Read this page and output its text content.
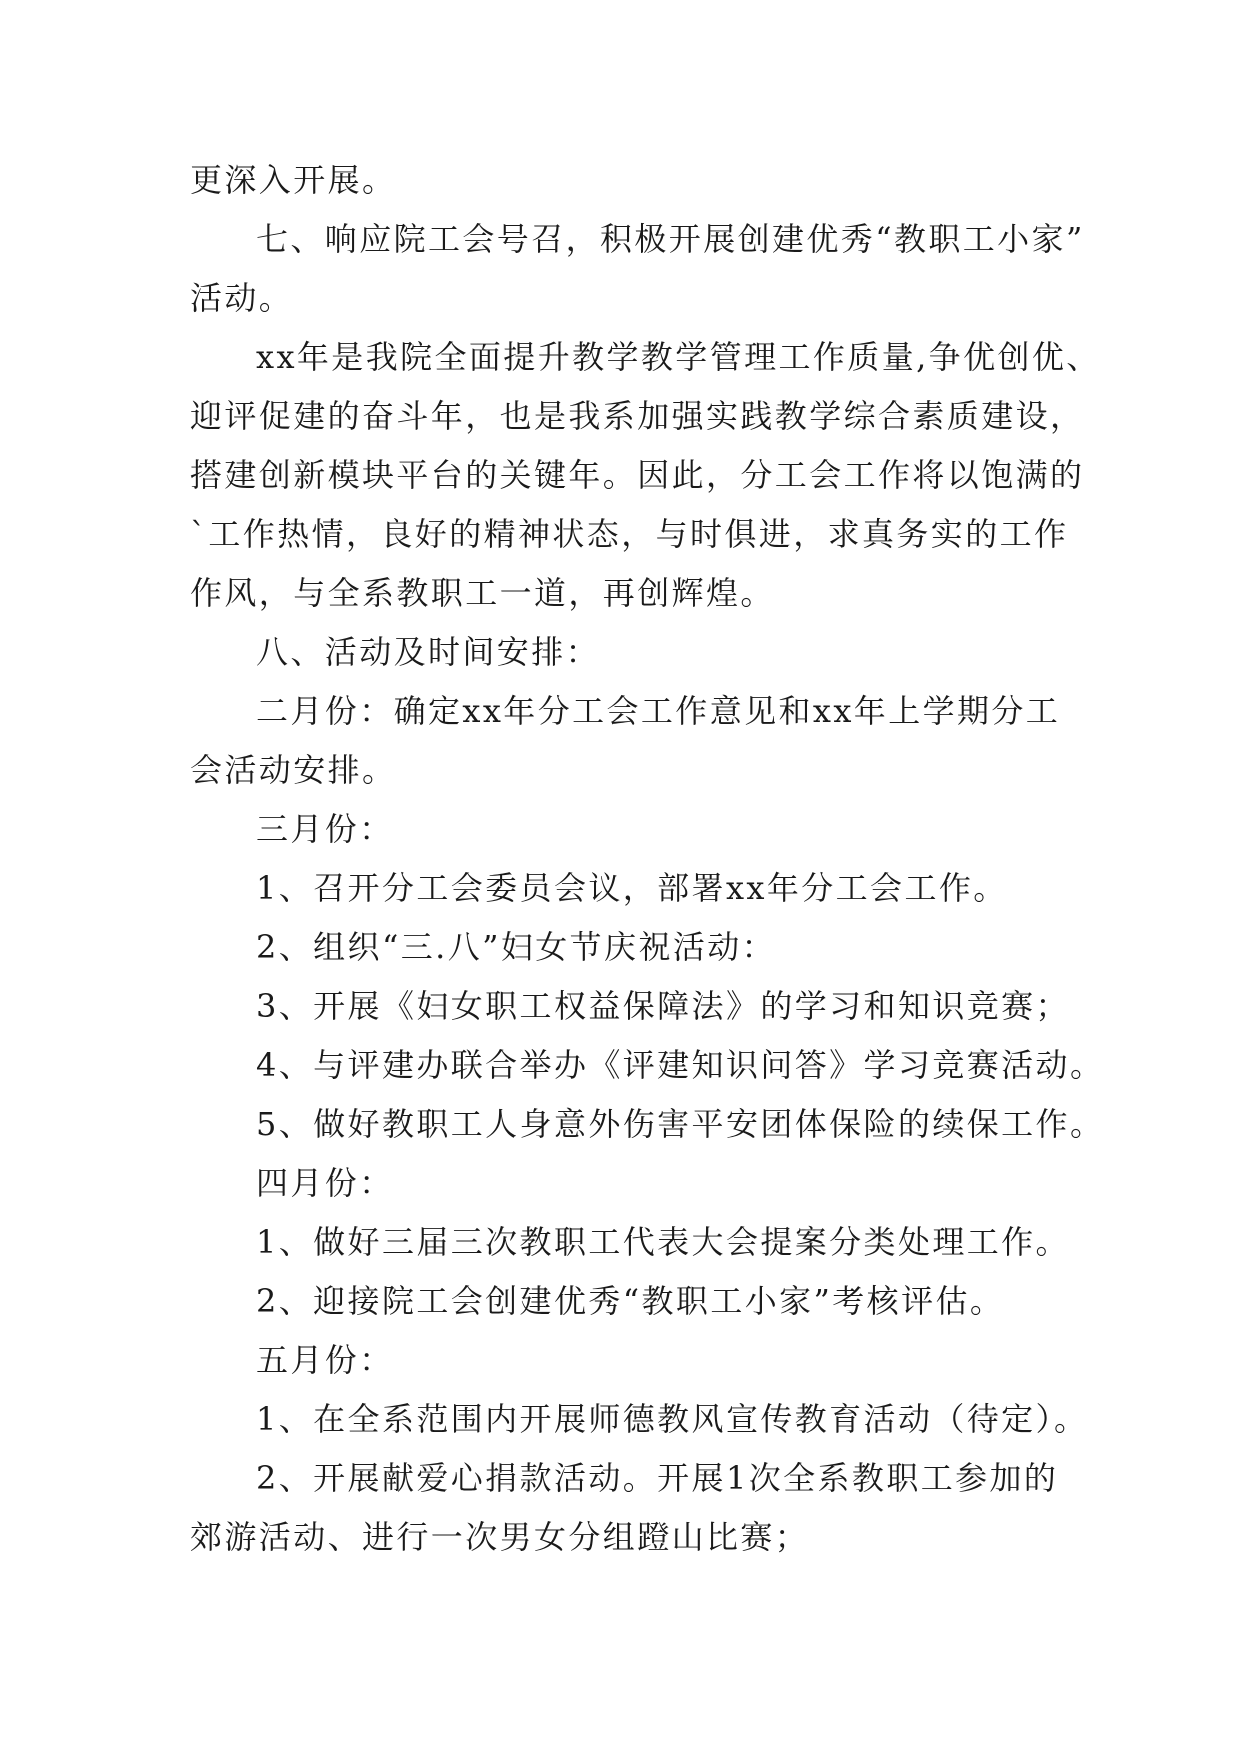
更深入开展。
七、响应院工会号召，积极开展创建优秀“教职工小家”
活动。
xx年是我院全面提升教学教学管理工作质量,争优创优、
迎评促建的奋斗年，也是我系加强实践教学综合素质建设，
搭建创新模块平台的关键年。因此，分工会工作将以饱满的
`工作热情，良好的精神状态，与时俱进，求真务实的工作
作风，与全系教职工一道，再创辉煌。
八、活动及时间安排：
二月份：确定xx年分工会工作意见和xx年上学期分工
会活动安排。
三月份：
1、召开分工会委员会议，部署xx年分工会工作。
2、组织“三.八”妇女节庆祝活动：
3、开展《妇女职工权益保障法》的学习和知识竞赛；
4、与评建办联合举办《评建知识问答》学习竞赛活动。
5、做好教职工人身意外伤害平安团体保险的续保工作。
四月份：
1、做好三届三次教职工代表大会提案分类处理工作。
2、迎接院工会创建优秀“教职工小家”考核评估。
五月份：
1、在全系范围内开展师德教风宣传教育活动（待定）。
2、开展献爱心捐款活动。开展1次全系教职工参加的
郊游活动、进行一次男女分组蹬山比赛；
